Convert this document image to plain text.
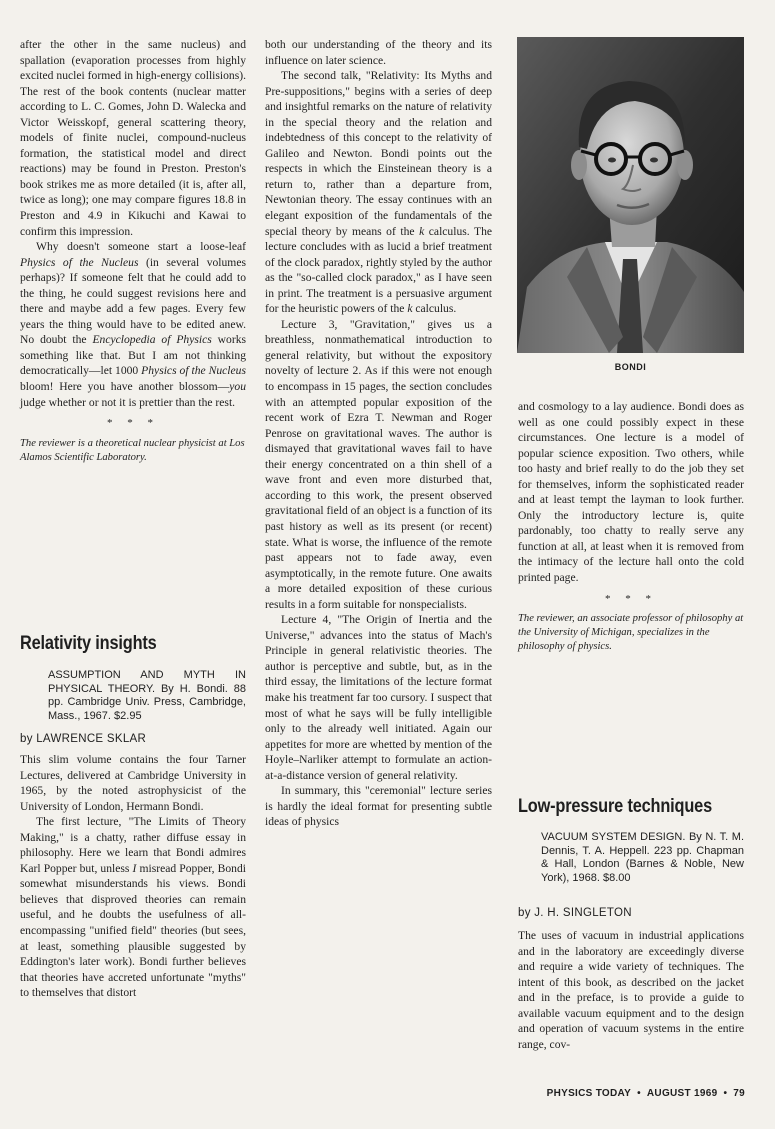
after the other in the same nucleus) and spallation (evaporation processes from highly excited nuclei formed in high-energy collisions). The rest of the book contents (nuclear matter according to L. C. Gomes, John D. Walecka and Victor Weisskopf, general scattering theory, models of finite nuclei, compound-nucleus formation, the statistical model and direct reactions) may be found in Preston. Preston's book strikes me as more detailed (it is, after all, twice as long); one may compare figures 18.8 in Preston and 4.9 in Kikuchi and Kawai to confirm this impression.

Why doesn't someone start a loose-leaf Physics of the Nucleus (in several volumes perhaps)? If someone felt that he could add to the thing, he could suggest revisions here and there and maybe add a few pages. Every few years the thing would have to be edited anew. No doubt the Encyclopedia of Physics works something like that. But I am not thinking democratically—let 1000 Physics of the Nucleus bloom! Here you have another blossom—you judge whether or not it is prettier than the rest.

* * *

The reviewer is a theoretical nuclear physicist at Los Alamos Scientific Laboratory.

Relativity insights
ASSUMPTION AND MYTH IN PHYSICAL THEORY. By H. Bondi. 88 pp. Cambridge Univ. Press, Cambridge, Mass., 1967. $2.95
by LAWRENCE SKLAR

This slim volume contains the four Tarner Lectures, delivered at Cambridge University in 1965, by the noted astrophysicist of the University of London, Hermann Bondi.

The first lecture, "The Limits of Theory Making," is a chatty, rather diffuse essay in philosophy. Here we learn that Bondi admires Karl Popper but, unless I misread Popper, Bondi somewhat misunderstands his views. Bondi believes that disproved theories can remain useful, and he doubts the usefulness of all-encompassing "unified field" theories (but sees, at least, something plausible suggested by Eddington's later work). Bondi further believes that theories have accreted unfortunate "myths" to themselves that distort

both our understanding of the theory and its influence on later science.

The second talk, "Relativity: Its Myths and Pre-suppositions," begins with a series of deep and insightful remarks on the nature of relativity in the special theory and the relation and indebtedness of this concept to the relativity of Galileo and Newton. Bondi points out the respects in which the Einsteinean theory is a return to, rather than a departure from, Newtonian theory. The essay continues with an elegant exposition of the fundamentals of the special theory by means of the k calculus. The lecture concludes with as lucid a brief treatment of the clock paradox, rightly styled by the author as the "so-called clock paradox," as I have seen in print. The treatment is a persuasive argument for the heuristic powers of the k calculus.

Lecture 3, "Gravitation," gives us a breathless, nonmathematical introduction to general relativity, but without the expository novelty of lecture 2. As if this were not enough to encompass in 15 pages, the section concludes with an attempted popular exposition of the recent work of Ezra T. Newman and Roger Penrose on gravitational waves. The author is dismayed that gravitational waves fail to have their energy concentrated on a thin shell of a wave front and even more disturbed that, according to this work, the present observed gravitational field of an object is a function of its past history as well as its present (or recent) state. What is worse, the influence of the remote past appears not to fade away, even asymptotically, in the remote future. One awaits a more detailed exposition of these curious results in a form suitable for nonspecialists.

Lecture 4, "The Origin of Inertia and the Universe," advances into the status of Mach's Principle in general relativistic theories. The author is perceptive and subtle, but, as in the third essay, the limitations of the lecture format make his treatment far too cursory. I suspect that most of what he says will be fully intelligible only to the already well initiated. Again our appetites for more are whetted by mention of the Hoyle–Narliker attempt to formulate an action-at-a-distance version of general relativity.

In summary, this "ceremonial" lecture series is hardly the ideal format for presenting subtle ideas of physics

BONDI

and cosmology to a lay audience. Bondi does as well as one could possibly expect in these circumstances. One lecture is a model of popular science exposition. Two others, while too hasty and brief really to do the job they set for themselves, inform the sophisticated reader and at least tempt the layman to look further. Only the introductory lecture is, quite pardonably, too chatty to really serve any function at all, at least when it is removed from the intimacy of the lecture hall onto the cold printed page.

* * *

The reviewer, an associate professor of philosophy at the University of Michigan, specializes in the philosophy of physics.

Low-pressure techniques
VACUUM SYSTEM DESIGN. By N. T. M. Dennis, T. A. Heppell. 223 pp. Chapman & Hall, London (Barnes & Noble, New York), 1968. $8.00
by J. H. SINGLETON

The uses of vacuum in industrial applications and in the laboratory are exceedingly diverse and require a wide variety of techniques. The intent of this book, as described on the jacket and in the preface, is to provide a guide to available vacuum equipment and to the design and operation of vacuum systems in the entire range, cov-

PHYSICS TODAY • AUGUST 1969 • 79
